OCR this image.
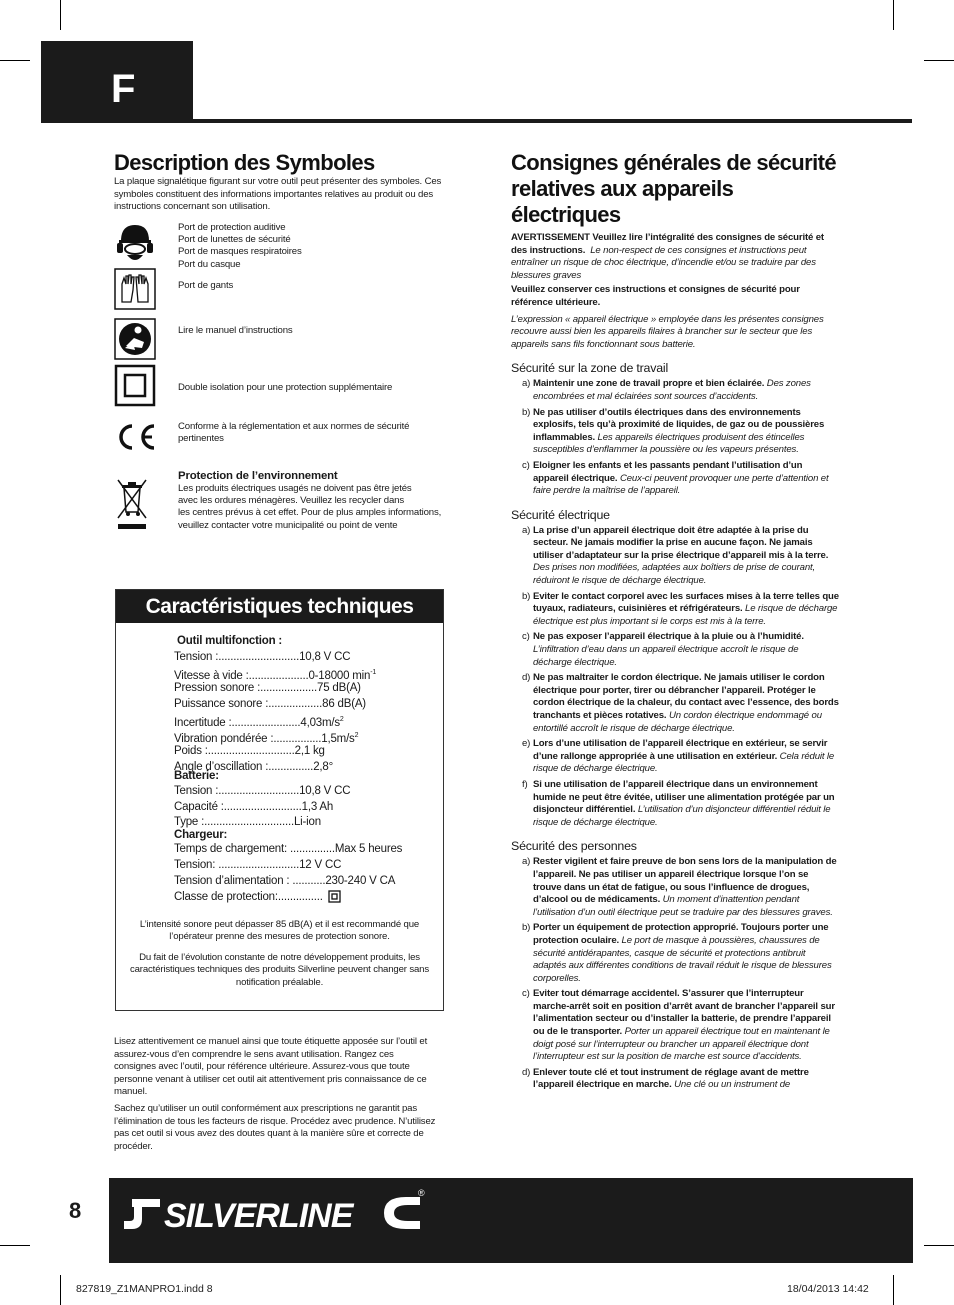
F
Description des Symboles

La plaque signalétique figurant sur votre outil peut présenter des symboles. Ces symboles constituent des informations importantes relatives au produit ou des instructions concernant son utilisation.

Port de protection auditive
Port de lunettes de sécurité
Port de masques respiratoires
Port du casque
Port de gants
Lire le manuel d’instructions
Double isolation pour une protection supplémentaire
Conforme à la réglementation et aux normes de sécurité
pertinentes
Protection de l’environnement
Les produits électriques usagés ne doivent pas être jetés
avec les ordures ménagères. Veuillez les recycler dans
les centres prévus à cet effet. Pour de plus amples informations,
veuillez contacter votre municipalité ou point de vente
Caractéristiques techniques
Outil multifonction :
Tension :...........................10,8 V CC
Vitesse à vide :....................0-18000 $\min^{-1}$
Pression sonore :...................75 dB(A)
Puissance sonore :..................86 dB(A)
Incertitude $:.......................4,03m/s^2$
Vibration pondérée $:................1,5m/s^2$
Poids :.............................2,1 kg
Angle d’oscillation :...............2,8°
Batterie:
Tension :...........................10,8 V CC
Capacité :..........................1,3 Ah
Type :..............................Li-ion
Chargeur:
Temps de chargement: ...............Max 5 heures
Tension: ...........................12 V CC
Tension d’alimentation : ...........230-240 V CA
Classe de protection:...............
L’intensité sonore peut dépasser 85 dB(A) et il est recommandé que l’opérateur prenne des mesures de protection sonore.
Du fait de l’évolution constante de notre développement produits, les caractéristiques techniques des produits Silverline peuvent changer sans notification préalable.

Lisez attentivement ce manuel ainsi que toute étiquette apposée sur l’outil et assurez-vous d’en comprendre le sens avant utilisation. Rangez ces consignes avec l’outil, pour référence ultérieure. Assurez-vous que toute personne venant à utiliser cet outil ait attentivement pris connaissance de ce manuel.

Sachez qu’utiliser un outil conformément aux prescriptions ne garantit pas l’élimination de tous les facteurs de risque. Procédez avec prudence. N’utilisez pas cet outil si vous avez des doutes quant à la manière sûre et correcte de procéder.

Consignes générales de sécurité relatives aux appareils électriques

AVERTISSEMENT Veuillez lire l’intégralité des consignes de sécurité et des instructions. Le non-respect de ces consignes et instructions peut entraîner un risque de choc électrique, d’incendie et/ou se traduire par des blessures graves

Veuillez conserver ces instructions et consignes de sécurité pour référence ultérieure.

L’expression « appareil électrique » employée dans les présentes consignes recouvre aussi bien les appareils filaires à brancher sur le secteur que les appareils sans fils fonctionnant sous batterie.

Sécurité sur la zone de travail

a) Maintenir une zone de travail propre et bien éclairée. Des zones encombrées et mal éclairées sont sources d’accidents.

b) Ne pas utiliser d’outils électriques dans des environnements explosifs, tels qu’à proximité de liquides, de gaz ou de poussières inflammables. Les appareils électriques produisent des étincelles susceptibles d’enflammer la poussière ou les vapeurs présentes.

c) Eloigner les enfants et les passants pendant l’utilisation d’un appareil électrique. Ceux-ci peuvent provoquer une perte d’attention et faire perdre la maîtrise de l’appareil.

Sécurité électrique

a) La prise d’un appareil électrique doit être adaptée à la prise du secteur. Ne jamais modifier la prise en aucune façon. Ne jamais utiliser d’adaptateur sur la prise électrique d’appareil mis à la terre. Des prises non modifiées, adaptées aux boîtiers de prise de courant, réduiront le risque de décharge électrique.

b) Eviter le contact corporel avec les surfaces mises à la terre telles que tuyaux, radiateurs, cuisinières et réfrigérateurs. Le risque de décharge électrique est plus important si le corps est mis à la terre.

c) Ne pas exposer l’appareil électrique à la pluie ou à l’humidité. L’infiltration d’eau dans un appareil électrique accroît le risque de décharge électrique.

d) Ne pas maltraiter le cordon électrique. Ne jamais utiliser le cordon électrique pour porter, tirer ou débrancher l’appareil. Protéger le cordon électrique de la chaleur, du contact avec l’essence, des bords tranchants et pièces rotatives. Un cordon électrique endommagé ou entortillé accroît le risque de décharge électrique.

e) Lors d’une utilisation de l’appareil électrique en extérieur, se servir d’une rallonge appropriée à une utilisation en extérieur. Cela réduit le risque de décharge électrique.

f) Si une utilisation de l’appareil électrique dans un environnement humide ne peut être évitée, utiliser une alimentation protégée par un disjoncteur différentiel. L’utilisation d’un disjoncteur différentiel réduit le risque de décharge électrique.

Sécurité des personnes

a) Rester vigilent et faire preuve de bon sens lors de la manipulation de l’appareil. Ne pas utiliser un appareil électrique lorsque l’on se trouve dans un état de fatigue, ou sous l’influence de drogues, d’alcool ou de médicaments. Un moment d’inattention pendant l’utilisation d’un outil électrique peut se traduire par des blessures graves.

b) Porter un équipement de protection approprié. Toujours porter une protection oculaire. Le port de masque à poussières, chaussures de sécurité antidérapantes, casque de sécurité et protections antibruit adaptés aux différentes conditions de travail réduit le risque de blessures corporelles.

c) Eviter tout démarrage accidentel. S’assurer que l’interrupteur marche-arrêt soit en position d’arrêt avant de brancher l’appareil sur l’alimentation secteur ou d’installer la batterie, de prendre l’appareil ou de le transporter. Porter un appareil électrique tout en maintenant le doigt posé sur l’interrupteur ou brancher un appareil électrique dont l’interrupteur est sur la position de marche est source d’accidents.

d) Enlever toute clé et tout instrument de réglage avant de mettre l’appareil électrique en marche. Une clé ou un instrument de

8 SILVERLINE
®
827819_Z1MANPRO1.indd 8	18/04/2013 14:42
